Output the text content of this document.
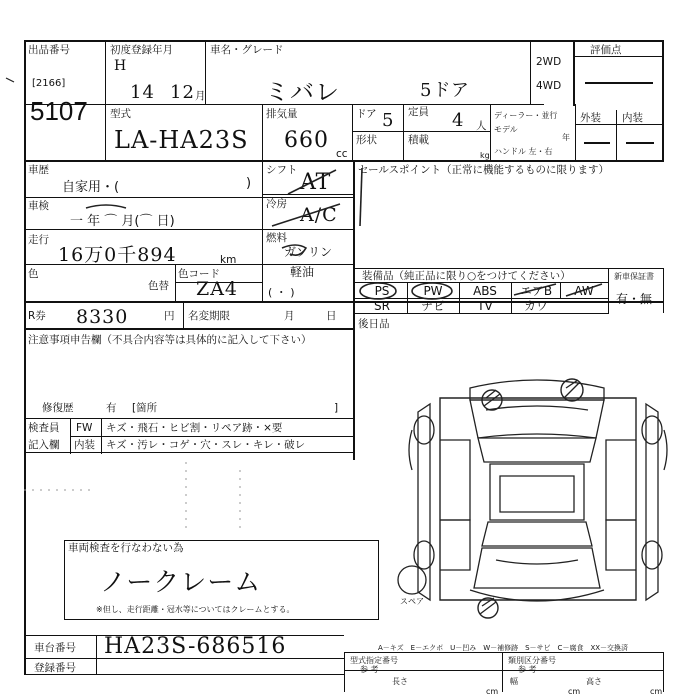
出品番号
[2166]
5107
初度登録年月
H
14 12 月
車名・グレード
ミバレ	5ドア
2WD
4WD
評価点
型式
LA-HA23S
排気量
660
cc
ドア 5 定員 4 人
形状	積載
kg
ディーラー・並行
モデル
年
ハンドル 左・右
外装 内装
車歴
自家用・(	)
シフト AT
冷房 A/C
燃料
ガソリン
軽油
( ・ )
セールスポイント（正常に機能するものに限ります）
車検
一 年 ⌒ 月(⌒ 日)
走行
16万0千894	km
色
色替
色コード
ZA4
R券 8330	円 名変期限	月	日
装備品（純正品に限り○をつけてください）	新車保証書
有・無
PS	PW	ABS	エアB	AW
SR	ナビ	TV	カワ
後日品
注意事項申告欄（不具合内容等は具体的に記入して下さい）
修復歴	有 [箇所	]
検査員
記入欄
FW キズ・飛石・ヒビ割・リペア跡・×要
内装 キズ・汚レ・コゲ・穴・スレ・キレ・破レ
車両検査を行なわない為
ノークレーム
※但し、走行距離・冠水等についてはクレームとする。
A－キズ　E－エクボ　U－凹み　W－補修跡　S－サビ　C－腐食　XX－交換済
車台番号 HA23S-686516
登録番号
型式指定番号	類別区分番号
参 考	参 考
長さ
cm
幅
cm
高さ
cm
スペア
